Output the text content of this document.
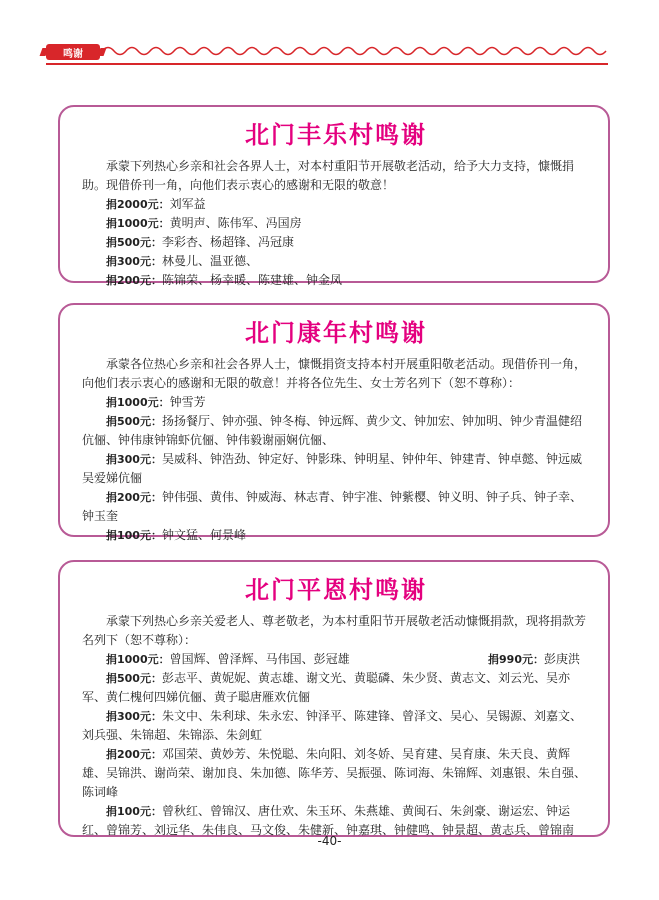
鸣谢
北门丰乐村鸣谢
承蒙下列热心乡亲和社会各界人士，对本村重阳节开展敬老活动，给予大力支持，慷慨捐助。现借侨刊一角，向他们表示衷心的感谢和无限的敬意！
捐2000元：刘军益
捐1000元：黄明声、陈伟军、冯国房
捐500元：李彩杏、杨超锋、冯冠康
捐300元：林曼儿、温亚德、
捐200元：陈锦荣、杨幸暖、陈建雄、钟金凤
北门康年村鸣谢
承蒙各位热心乡亲和社会各界人士，慷慨捐资支持本村开展重阳敬老活动。现借侨刊一角，向他们表示衷心的感谢和无限的敬意！并将各位先生、女士芳名列下（恕不尊称）：
捐1000元：钟雪芳
捐500元：扬扬餐厅、钟亦强、钟冬梅、钟远辉、黄少文、钟加宏、钟加明、钟少青温健绍伉俪、钟伟康钟锦虾伉俪、钟伟毅谢丽娴伉俪、
捐300元：吴威科、钟浩劲、钟定好、钟影珠、钟明星、钟仲年、钟建青、钟卓懿、钟远威吴爱娣伉俪
捐200元：钟伟强、黄伟、钟威海、林志青、钟宇准、钟紫樱、钟义明、钟子兵、钟子幸、钟玉奎
捐100元：钟文猛、何景峰
北门平恩村鸣谢
承蒙下列热心乡亲关爱老人、尊老敬老，为本村重阳节开展敬老活动慷慨捐款，现将捐款芳名列下（恕不尊称）：
捐1000元：曾国辉、曾泽辉、马伟国、彭冠雄	捐990元：彭庚洪
捐500元：彭志平、黄妮妮、黄志雄、谢文光、黄聪磷、朱少贤、黄志文、刘云光、吴亦军、黄仁槐何四娣伉俪、黄子聪唐雁欢伉俪
捐300元：朱文中、朱利球、朱永宏、钟泽平、陈建锋、曾泽文、吴心、吴锡源、刘嘉文、刘兵强、朱锦超、朱锦添、朱剑虹
捐200元：邓国荣、黄妙芳、朱悦聪、朱向阳、刘冬娇、吴育建、吴育康、朱天良、黄辉雄、吴锦洪、谢尚荣、谢加良、朱加德、陈华芳、吴振强、陈词海、朱锦辉、刘惠银、朱自强、陈词峰
捐100元：曾秋红、曾锦汉、唐仕欢、朱玉环、朱燕雄、黄闽石、朱剑豪、谢运宏、钟运红、曾锦芳、刘远华、朱伟良、马文俊、朱健新、钟嘉琪、钟健鸣、钟景超、黄志兵、曾锦南
-40-
